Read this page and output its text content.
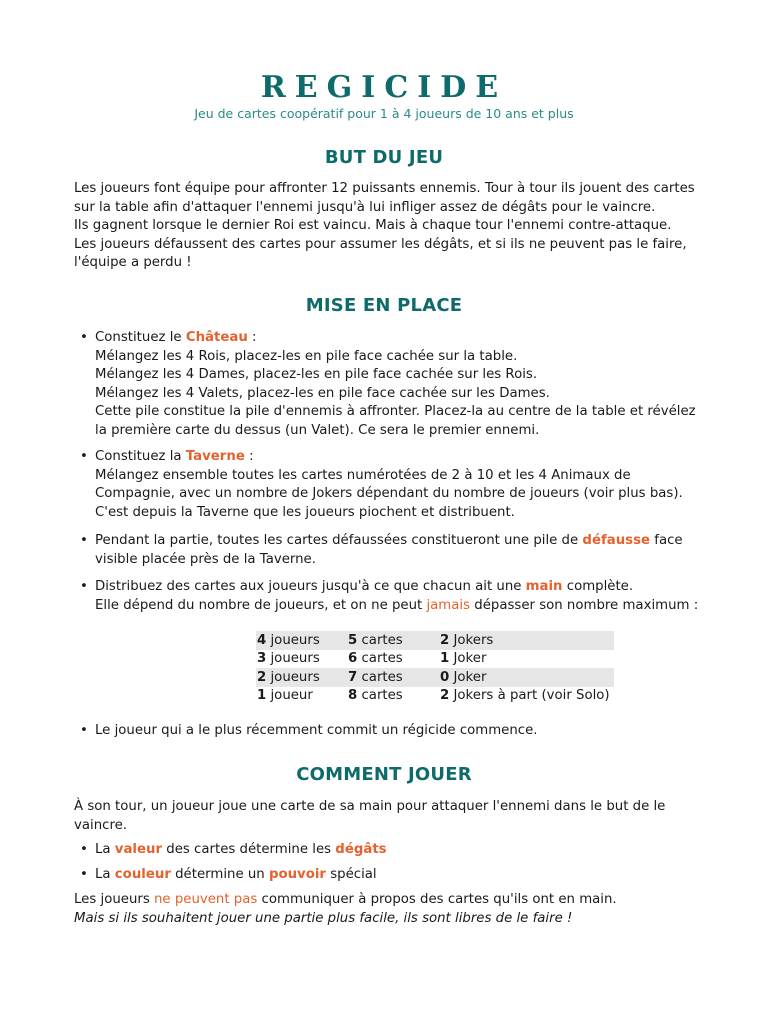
REGICIDE
Jeu de cartes coopératif pour 1 à 4 joueurs de 10 ans et plus
BUT DU JEU
Les joueurs font équipe pour affronter 12 puissants ennemis. Tour à tour ils jouent des cartes sur la table afin d'attaquer l'ennemi jusqu'à lui infliger assez de dégâts pour le vaincre.
Ils gagnent lorsque le dernier Roi est vaincu. Mais à chaque tour l'ennemi contre-attaque.
Les joueurs défaussent des cartes pour assumer les dégâts, et si ils ne peuvent pas le faire, l'équipe a perdu !
MISE EN PLACE
• Constituez le Château :
Mélangez les 4 Rois, placez-les en pile face cachée sur la table.
Mélangez les 4 Dames, placez-les en pile face cachée sur les Rois.
Mélangez les 4 Valets, placez-les en pile face cachée sur les Dames.
Cette pile constitue la pile d'ennemis à affronter. Placez-la au centre de la table et révélez la première carte du dessus (un Valet). Ce sera le premier ennemi.
• Constituez la Taverne :
Mélangez ensemble toutes les cartes numérotées de 2 à 10 et les 4 Animaux de Compagnie, avec un nombre de Jokers dépendant du nombre de joueurs (voir plus bas).
C'est depuis la Taverne que les joueurs piochent et distribuent.
• Pendant la partie, toutes les cartes défaussées constitueront une pile de défausse face visible placée près de la Taverne.
• Distribuez des cartes aux joueurs jusqu'à ce que chacun ait une main complète.
Elle dépend du nombre de joueurs, et on ne peut jamais dépasser son nombre maximum :
4 joueurs	5 cartes	2 Jokers
3 joueurs	6 cartes	1 Joker
2 joueurs	7 cartes	0 Joker
1 joueur	8 cartes	2 Jokers à part (voir Solo)
• Le joueur qui a le plus récemment commit un régicide commence.
COMMENT JOUER
À son tour, un joueur joue une carte de sa main pour attaquer l'ennemi dans le but de le vaincre.
• La valeur des cartes détermine les dégâts
• La couleur détermine un pouvoir spécial
Les joueurs ne peuvent pas communiquer à propos des cartes qu'ils ont en main.
Mais si ils souhaitent jouer une partie plus facile, ils sont libres de le faire !
